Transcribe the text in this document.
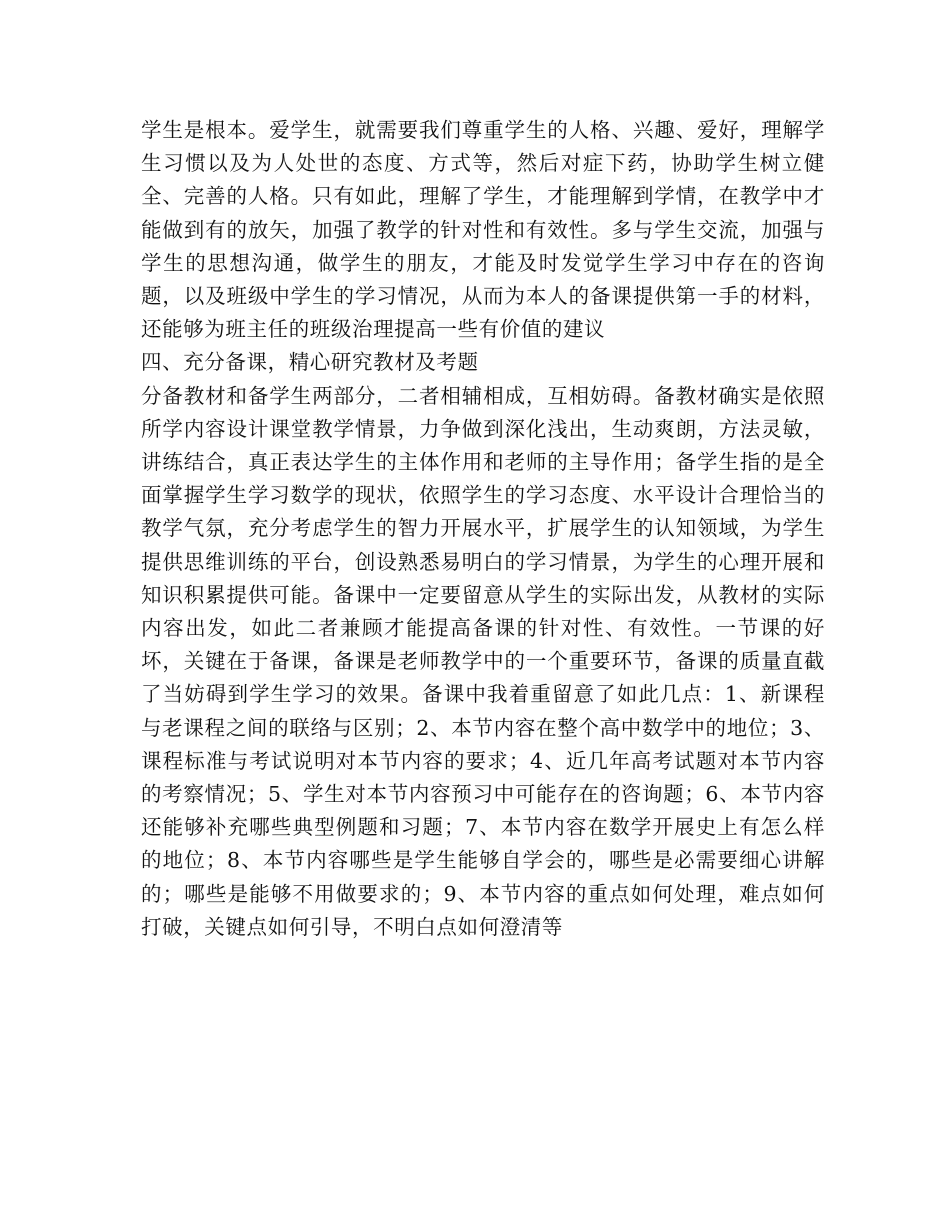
学生是根本。爱学生，就需要我们尊重学生的人格、兴趣、爱好，理解学生习惯以及为人处世的态度、方式等，然后对症下药，协助学生树立健全、完善的人格。只有如此，理解了学生，才能理解到学情，在教学中才能做到有的放矢，加强了教学的针对性和有效性。多与学生交流，加强与学生的思想沟通，做学生的朋友，才能及时发觉学生学习中存在的咨询题，以及班级中学生的学习情况，从而为本人的备课提供第一手的材料，还能够为班主任的班级治理提高一些有价值的建议

四、充分备课，精心研究教材及考题

分备教材和备学生两部分，二者相辅相成，互相妨碍。备教材确实是依照所学内容设计课堂教学情景，力争做到深化浅出，生动爽朗，方法灵敏，讲练结合，真正表达学生的主体作用和老师的主导作用；备学生指的是全面掌握学生学习数学的现状，依照学生的学习态度、水平设计合理恰当的教学气氛，充分考虑学生的智力开展水平，扩展学生的认知领域，为学生提供思维训练的平台，创设熟悉易明白的学习情景，为学生的心理开展和知识积累提供可能。备课中一定要留意从学生的实际出发，从教材的实际内容出发，如此二者兼顾才能提高备课的针对性、有效性。一节课的好坏，关键在于备课，备课是老师教学中的一个重要环节，备课的质量直截了当妨碍到学生学习的效果。备课中我着重留意了如此几点：1、新课程与老课程之间的联络与区别；2、本节内容在整个高中数学中的地位；3、课程标准与考试说明对本节内容的要求；4、近几年高考试题对本节内容的考察情况；5、学生对本节内容预习中可能存在的咨询题；6、本节内容还能够补充哪些典型例题和习题；7、本节内容在数学开展史上有怎么样的地位；8、本节内容哪些是学生能够自学会的，哪些是必需要细心讲解的；哪些是能够不用做要求的；9、本节内容的重点如何处理，难点如何打破，关键点如何引导，不明白点如何澄清等
